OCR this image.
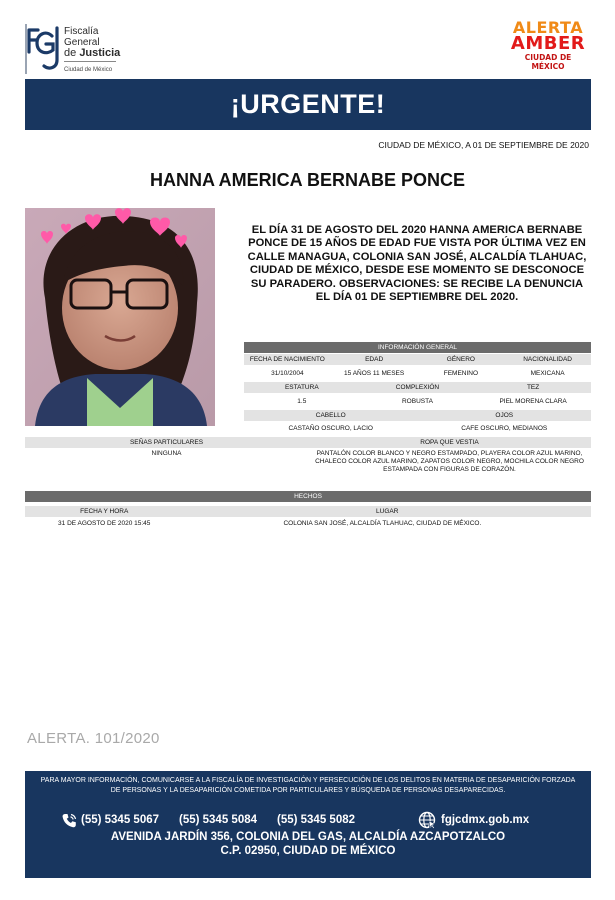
Fiscalía
General
de Justicia
Ciudad de México
ALERTA
AMBER
CIUDAD DE MÉXICO
¡URGENTE!
CIUDAD DE MÉXICO, A 01 DE SEPTIEMBRE DE 2020
HANNA AMERICA BERNABE PONCE
EL DÍA 31 DE AGOSTO DEL 2020 HANNA AMERICA BERNABE PONCE DE 15 AÑOS DE EDAD FUE VISTA POR ÚLTIMA VEZ EN CALLE MANAGUA, COLONIA SAN JOSÉ, ALCALDÍA TLAHUAC, CIUDAD DE MÉXICO, DESDE ESE MOMENTO SE DESCONOCE SU PARADERO. OBSERVACIONES: SE RECIBE LA DENUNCIA EL DÍA 01 DE SEPTIEMBRE DEL 2020.
INFORMACIÓN GENERAL
FECHA DE NACIMIENTO	EDAD	GÉNERO	NACIONALIDAD
31/10/2004	15 AÑOS 11 MESES	FEMENINO	MEXICANA
ESTATURA	COMPLEXIÓN	TEZ
1.5	ROBUSTA	PIEL MORENA CLARA
CABELLO	OJOS
CASTAÑO OSCURO, LACIO	CAFE OSCURO, MEDIANOS
SEÑAS PARTICULARES	ROPA QUE VESTIA
NINGUNA	PANTALÓN COLOR BLANCO Y NEGRO ESTAMPADO, PLAYERA COLOR AZUL MARINO, CHALECO COLOR AZUL MARINO, ZAPATOS COLOR NEGRO, MOCHILA COLOR NEGRO ESTAMPADA CON FIGURAS DE CORAZÓN.
HECHOS
FECHA Y HORA	LUGAR
31 DE AGOSTO DE 2020 15:45	COLONIA SAN JOSÉ, ALCALDÍA TLAHUAC, CIUDAD DE MÉXICO.
ALERTA. 101/2020
PARA MAYOR INFORMACIÓN, COMUNICARSE A LA FISCALÍA DE INVESTIGACIÓN Y PERSECUCIÓN DE LOS DELITOS EN MATERIA DE DESAPARICIÓN FORZADA DE PERSONAS Y LA DESAPARICIÓN COMETIDA POR PARTICULARES Y BÚSQUEDA DE PERSONAS DESAPARECIDAS.
(55) 5345 5067 (55) 5345 5084 (55) 5345 5082	fgjcdmx.gob.mx
AVENIDA JARDÍN 356, COLONIA DEL GAS, ALCALDÍA AZCAPOTZALCO
C.P. 02950, CIUDAD DE MÉXICO
